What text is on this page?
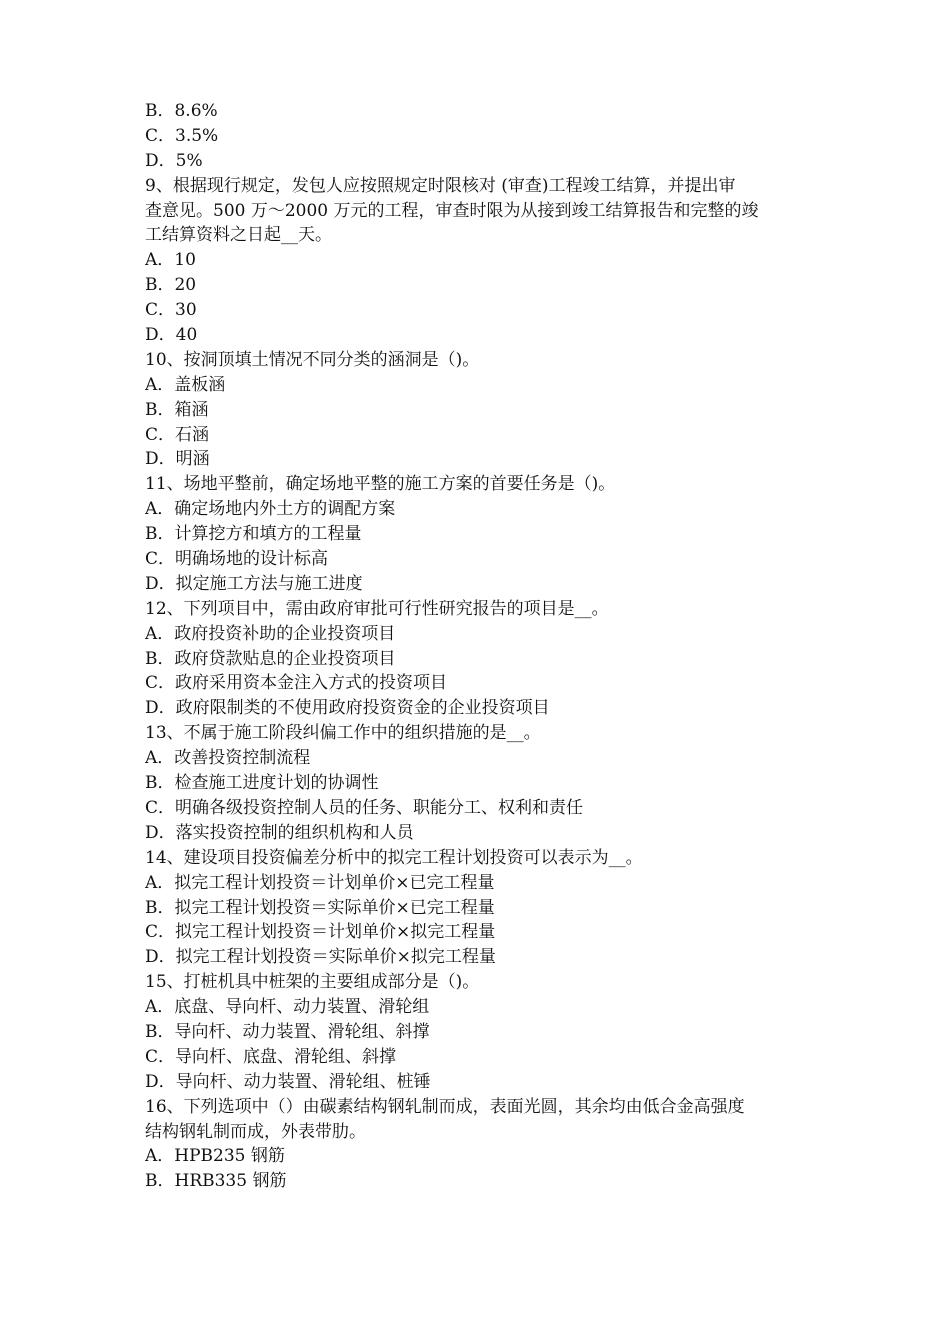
B．8.6%
C．3.5%
D．5%
9、根据现行规定，发包人应按照规定时限核对 (审查)工程竣工结算，并提出审
查意见。500 万～2000 万元的工程，审查时限为从接到竣工结算报告和完整的竣
工结算资料之日起__天。
A．10
B．20
C．30
D．40
10、按洞顶填土情况不同分类的涵洞是（)。
A．盖板涵
B．箱涵
C．石涵
D．明涵
11、场地平整前，确定场地平整的施工方案的首要任务是（)。
A．确定场地内外土方的调配方案
B．计算挖方和填方的工程量
C．明确场地的设计标高
D．拟定施工方法与施工进度
12、下列项目中，需由政府审批可行性研究报告的项目是__。
A．政府投资补助的企业投资项目
B．政府贷款贴息的企业投资项目
C．政府采用资本金注入方式的投资项目
D．政府限制类的不使用政府投资资金的企业投资项目
13、不属于施工阶段纠偏工作中的组织措施的是__。
A．改善投资控制流程
B．检查施工进度计划的协调性
C．明确各级投资控制人员的任务、职能分工、权利和责任
D．落实投资控制的组织机构和人员
14、建设项目投资偏差分析中的拟完工程计划投资可以表示为__。
A．拟完工程计划投资＝计划单价×已完工程量
B．拟完工程计划投资＝实际单价×已完工程量
C．拟完工程计划投资＝计划单价×拟完工程量
D．拟完工程计划投资＝实际单价×拟完工程量
15、打桩机具中桩架的主要组成部分是（)。
A．底盘、导向杆、动力装置、滑轮组
B．导向杆、动力装置、滑轮组、斜撑
C．导向杆、底盘、滑轮组、斜撑
D．导向杆、动力装置、滑轮组、桩锤
16、下列选项中（）由碳素结构钢轧制而成，表面光圆，其余均由低合金高强度
结构钢轧制而成，外表带肋。
A．HPB235 钢筋
B．HRB335 钢筋
